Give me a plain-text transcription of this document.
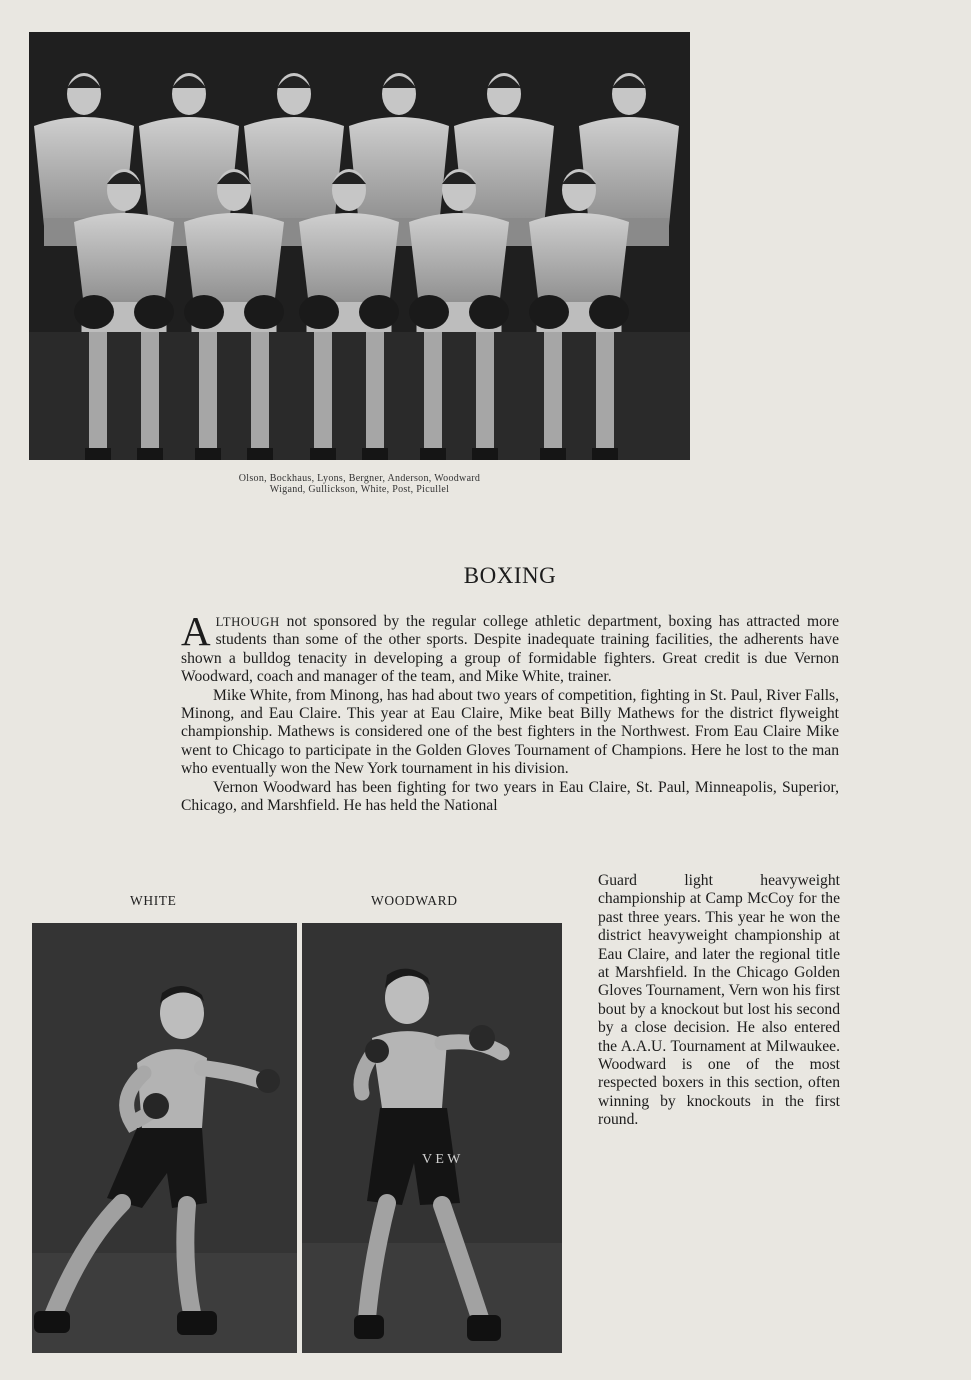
Olson, Bockhaus, Lyons, Bergner, Anderson, Woodward
Wigand, Gullickson, White, Post, Picullel
BOXING

ALTHOUGH not sponsored by the regular college athletic department, boxing has attracted more students than some of the other sports. Despite inadequate training facilities, the adherents have shown a bulldog tenacity in developing a group of formidable fighters. Great credit is due Vernon Woodward, coach and manager of the team, and Mike White, trainer.

Mike White, from Minong, has had about two years of competition, fighting in St. Paul, River Falls, Minong, and Eau Claire. This year at Eau Claire, Mike beat Billy Mathews for the district flyweight championship. Mathews is considered one of the best fighters in the Northwest. From Eau Claire Mike went to Chicago to participate in the Golden Gloves Tournament of Champions. Here he lost to the man who eventually won the New York tournament in his division.

Vernon Woodward has been fighting for two years in Eau Claire, St. Paul, Minneapolis, Superior, Chicago, and Marshfield. He has held the National

Guard light heavyweight championship at Camp McCoy for the past three years. This year he won the district heavyweight championship at Eau Claire, and later the regional title at Marshfield. In the Chicago Golden Gloves Tournament, Vern won his first bout by a knockout but lost his second by a close decision. He also entered the A.A.U. Tournament at Milwaukee. Woodward is one of the most respected boxers in this section, often winning by knockouts in the first round.

WHITE	WOODWARD
V E W
